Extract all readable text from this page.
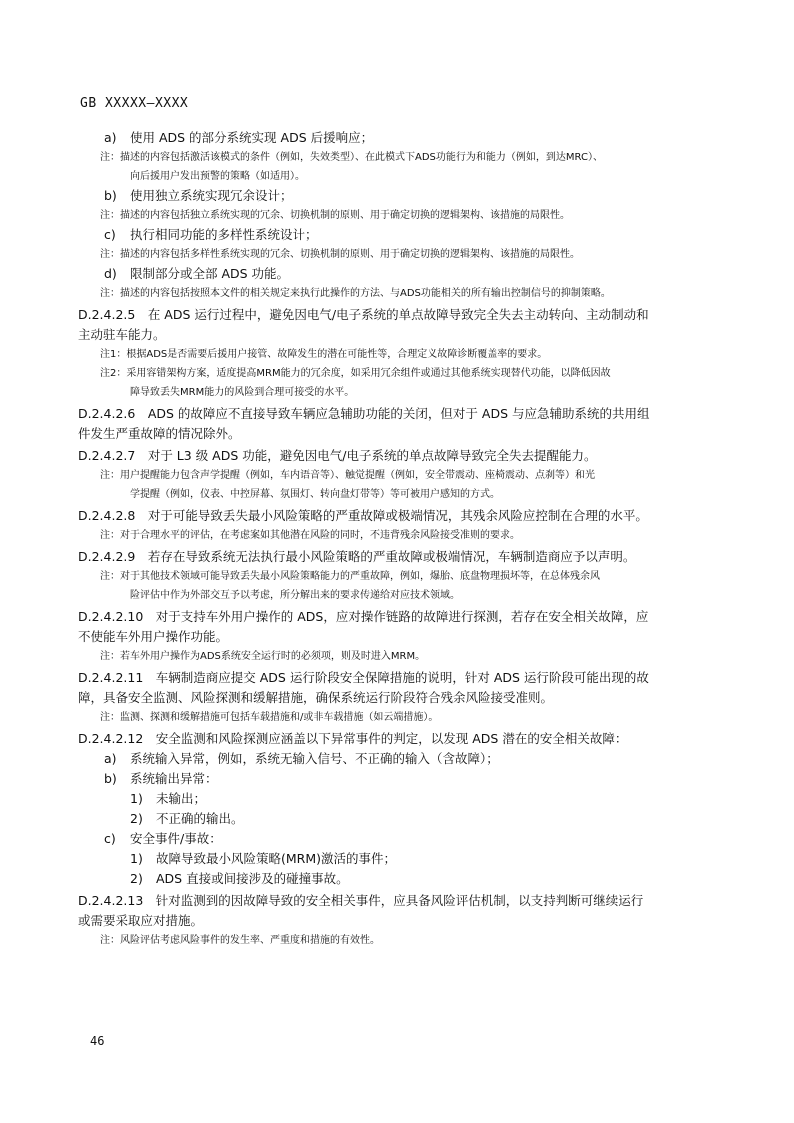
GB XXXXX—XXXX
a) 使用 ADS 的部分系统实现 ADS 后援响应；
注：描述的内容包括激活该模式的条件（例如，失效类型）、在此模式下ADS功能行为和能力（例如，到达MRC）、
向后援用户发出预警的策略（如适用）。
b) 使用独立系统实现冗余设计；
注：描述的内容包括独立系统实现的冗余、切换机制的原则、用于确定切换的逻辑架构、该措施的局限性。
c) 执行相同功能的多样性系统设计；
注：描述的内容包括多样性系统实现的冗余、切换机制的原则、用于确定切换的逻辑架构、该措施的局限性。
d) 限制部分或全部 ADS 功能。
注：描述的内容包括按照本文件的相关规定来执行此操作的方法、与ADS功能相关的所有输出控制信号的抑制策略。
D.2.4.2.5　在 ADS 运行过程中，避免因电气/电子系统的单点故障导致完全失去主动转向、主动制动和
主动驻车能力。
注1：根据ADS是否需要后援用户接管、故障发生的潜在可能性等，合理定义故障诊断覆盖率的要求。
注2：采用容错架构方案，适度提高MRM能力的冗余度，如采用冗余组件或通过其他系统实现替代功能，以降低因故
障导致丢失MRM能力的风险到合理可接受的水平。
D.2.4.2.6　ADS 的故障应不直接导致车辆应急辅助功能的关闭，但对于 ADS 与应急辅助系统的共用组
件发生严重故障的情况除外。
D.2.4.2.7　对于 L3 级 ADS 功能，避免因电气/电子系统的单点故障导致完全失去提醒能力。
注：用户提醒能力包含声学提醒（例如，车内语音等）、触觉提醒（例如，安全带震动、座椅震动、点刹等）和光
学提醒（例如，仪表、中控屏幕、氛围灯、转向盘灯带等）等可被用户感知的方式。
D.2.4.2.8　对于可能导致丢失最小风险策略的严重故障或极端情况，其残余风险应控制在合理的水平。
注：对于合理水平的评估，在考虑案如其他潜在风险的同时，不违背残余风险接受准则的要求。
D.2.4.2.9　若存在导致系统无法执行最小风险策略的严重故障或极端情况，车辆制造商应予以声明。
注：对于其他技术领域可能导致丢失最小风险策略能力的严重故障，例如，爆胎、底盘物理损坏等，在总体残余风
险评估中作为外部交互予以考虑，所分解出来的要求传递给对应技术领域。
D.2.4.2.10　对于支持车外用户操作的 ADS，应对操作链路的故障进行探测，若存在安全相关故障，应
不使能车外用户操作功能。
注：若车外用户操作为ADS系统安全运行时的必须项，则及时进入MRM。
D.2.4.2.11　车辆制造商应提交 ADS 运行阶段安全保障措施的说明，针对 ADS 运行阶段可能出现的故
障，具备安全监测、风险探测和缓解措施，确保系统运行阶段符合残余风险接受准则。
注：监测、探测和缓解措施可包括车载措施和/或非车载措施（如云端措施）。
D.2.4.2.12　安全监测和风险探测应涵盖以下异常事件的判定，以发现 ADS 潜在的安全相关故障：
a) 系统输入异常，例如，系统无输入信号、不正确的输入（含故障）；
b) 系统输出异常：
1) 未输出；
2) 不正确的输出。
c) 安全事件/事故：
1) 故障导致最小风险策略(MRM)激活的事件；
2) ADS 直接或间接涉及的碰撞事故。
D.2.4.2.13　针对监测到的因故障导致的安全相关事件，应具备风险评估机制，以支持判断可继续运行
或需要采取应对措施。
注：风险评估考虑风险事件的发生率、严重度和措施的有效性。
46
